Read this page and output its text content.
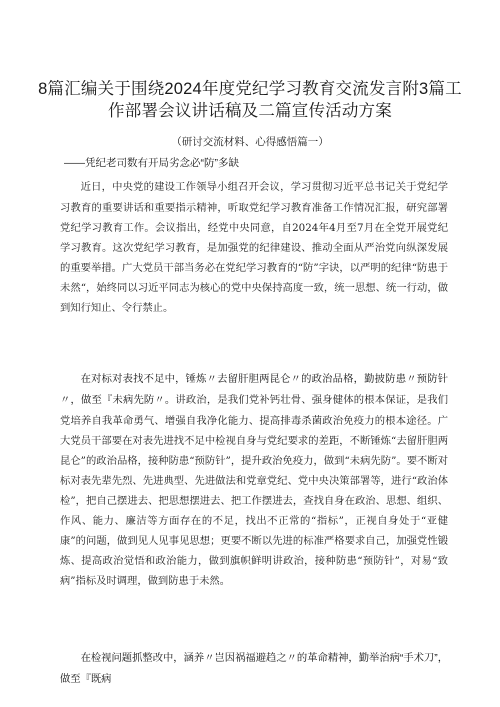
8篇汇编关于围绕2024年度党纪学习教育交流发言附3篇工作部署会议讲话稿及二篇宣传活动方案
（研讨交流材料、心得感悟篇一）
——凭纪老司数有开局劣念必“防”多缺

近日，中央党的建设工作领导小组召开会议，学习贯彻习近平总书记关于党纪学习教育的重要讲话和重要指示精神，听取党纪学习教育准备工作情况汇报，研究部署党纪学习教育工作。会议指出，经党中央同意，自2024年4月至7月在全党开展党纪学习教育。这次党纪学习教育，是加强党的纪律建设、推动全面从严治党向纵深发展的重要举措。广大党员干部当务必在党纪学习教育的“防”字诀，以严明的纪律“防患于未然“，始终同以习近平同志为核心的党中央保持高度一致，统一思想、统一行动，做到知行知止、令行禁止。

在对标对表找不足中，锤炼〃去留肝胆两昆仑〃的政治品格，勤披防患〃预防针〃，做至『未病先防〃。讲政治，是我们党补钙壮骨、强身健体的根本保证，是我们党培养自我革命勇气、增强自我净化能力、提高排毒杀菌政治免疫力的根本途径。广大党员干部要在对表先进找不足中检视自身与党纪要求的差距，不断锤炼“去留肝胆两昆仑”的政治品格，接种防患“预防针”，提升政治免疫力，做到“未病先防”。要不断对标对表先辈先烈、先进典型、先进做法和党章党纪、党中央决策部署等，进行“政治体检”，把自己摆进去、把思想摆进去、把工作摆进去，查找自身在政治、思想、组织、作风、能力、廉洁等方面存在的不足，找出不正常的“指标”，正视自身处于“亚健康”的问题，做到见人见事见思想；更要不断以先进的标准严格要求自己，加强党性锻炼、提高政治觉悟和政治能力，做到旗帜鲜明讲政治，接种防患“预防针”，对易“致病”指标及时调理，做到防患于未然。

在检视问题抓整改中，涵养〃岂因祸福避趋之〃的革命精神，勤举治病“手术刀”，做至『既病
